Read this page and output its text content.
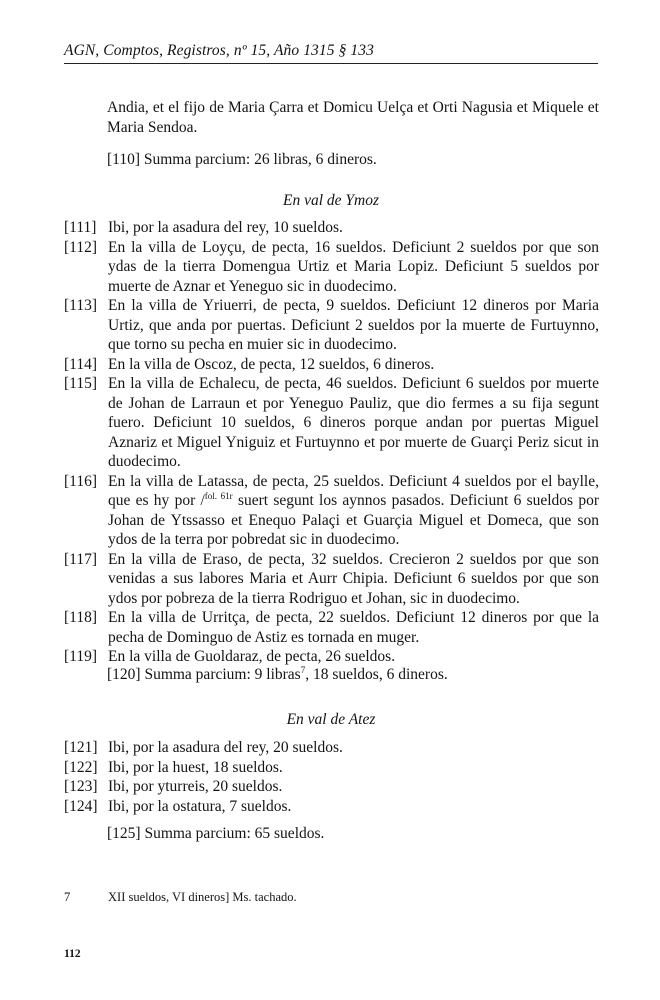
AGN, Comptos, Registros, nº 15, Año 1315 § 133
Andia, et el fijo de Maria Çarra et Domicu Uelça et Orti Nagusia et Miquele et Maria Sendoa.
[110] Summa parcium: 26 libras, 6 dineros.
En val de Ymoz
[111] Ibi, por la asadura del rey, 10 sueldos.
[112] En la villa de Loyçu, de pecta, 16 sueldos. Deficiunt 2 sueldos por que son ydas de la tierra Domengua Urtiz et Maria Lopiz. Deficiunt 5 sueldos por muerte de Aznar et Yeneguo sic in duodecimo.
[113] En la villa de Yriuerri, de pecta, 9 sueldos. Deficiunt 12 dineros por Maria Urtiz, que anda por puertas. Deficiunt 2 sueldos por la muerte de Furtuynno, que torno su pecha en muier sic in duodecimo.
[114] En la villa de Oscoz, de pecta, 12 sueldos, 6 dineros.
[115] En la villa de Echalecu, de pecta, 46 sueldos. Deficiunt 6 sueldos por muerte de Johan de Larraun et por Yeneguo Pauliz, que dio fermes a su fija segunt fuero. Deficiunt 10 sueldos, 6 dineros porque andan por puertas Miguel Aznariz et Miguel Yniguiz et Furtuynno et por muerte de Guarçi Periz sicut in duodecimo.
[116] En la villa de Latassa, de pecta, 25 sueldos. Deficiunt 4 sueldos por el baylle, que es hy por /$^{fol. 61r}$ suert segunt los aynnos pasados. Deficiunt 6 sueldos por Johan de Ytssasso et Enequo Palaçi et Guarçia Miguel et Domeca, que son ydos de la terra por pobredat sic in duodecimo.
[117] En la villa de Eraso, de pecta, 32 sueldos. Crecieron 2 sueldos por que son venidas a sus labores Maria et Aurr Chipia. Deficiunt 6 sueldos por que son ydos por pobreza de la tierra Rodriguo et Johan, sic in duodecimo.
[118] En la villa de Urritça, de pecta, 22 sueldos. Deficiunt 12 dineros por que la pecha de Dominguo de Astiz es tornada en muger.
[119] En la villa de Guoldaraz, de pecta, 26 sueldos.
[120] Summa parcium: 9 libras$^7$, 18 sueldos, 6 dineros.
En val de Atez
[121] Ibi, por la asadura del rey, 20 sueldos.
[122] Ibi, por la huest, 18 sueldos.
[123] Ibi, por yturreis, 20 sueldos.
[124] Ibi, por la ostatura, 7 sueldos.
[125] Summa parcium: 65 sueldos.
7	XII sueldos, VI dineros] Ms. tachado.
112
